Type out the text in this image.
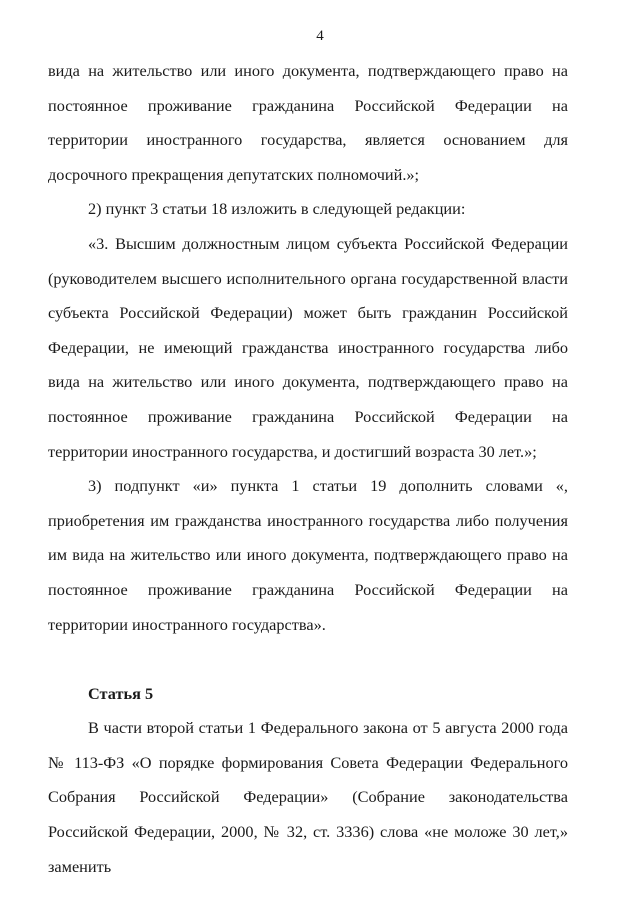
4

вида на жительство или иного документа, подтверждающего право на постоянное проживание гражданина Российской Федерации на территории иностранного государства, является основанием для досрочного прекращения депутатских полномочий.»;

2) пункт 3 статьи 18 изложить в следующей редакции:

«3. Высшим должностным лицом субъекта Российской Федерации (руководителем высшего исполнительного органа государственной власти субъекта Российской Федерации) может быть гражданин Российской Федерации, не имеющий гражданства иностранного государства либо вида на жительство или иного документа, подтверждающего право на постоянное проживание гражданина Российской Федерации на территории иностранного государства, и достигший возраста 30 лет.»;

3) подпункт «и» пункта 1 статьи 19 дополнить словами «, приобретения им гражданства иностранного государства либо получения им вида на жительство или иного документа, подтверждающего право на постоянное проживание гражданина Российской Федерации на территории иностранного государства».

Статья 5

В части второй статьи 1 Федерального закона от 5 августа 2000 года № 113-ФЗ «О порядке формирования Совета Федерации Федерального Собрания Российской Федерации» (Собрание законодательства Российской Федерации, 2000, № 32, ст. 3336) слова «не моложе 30 лет,» заменить
